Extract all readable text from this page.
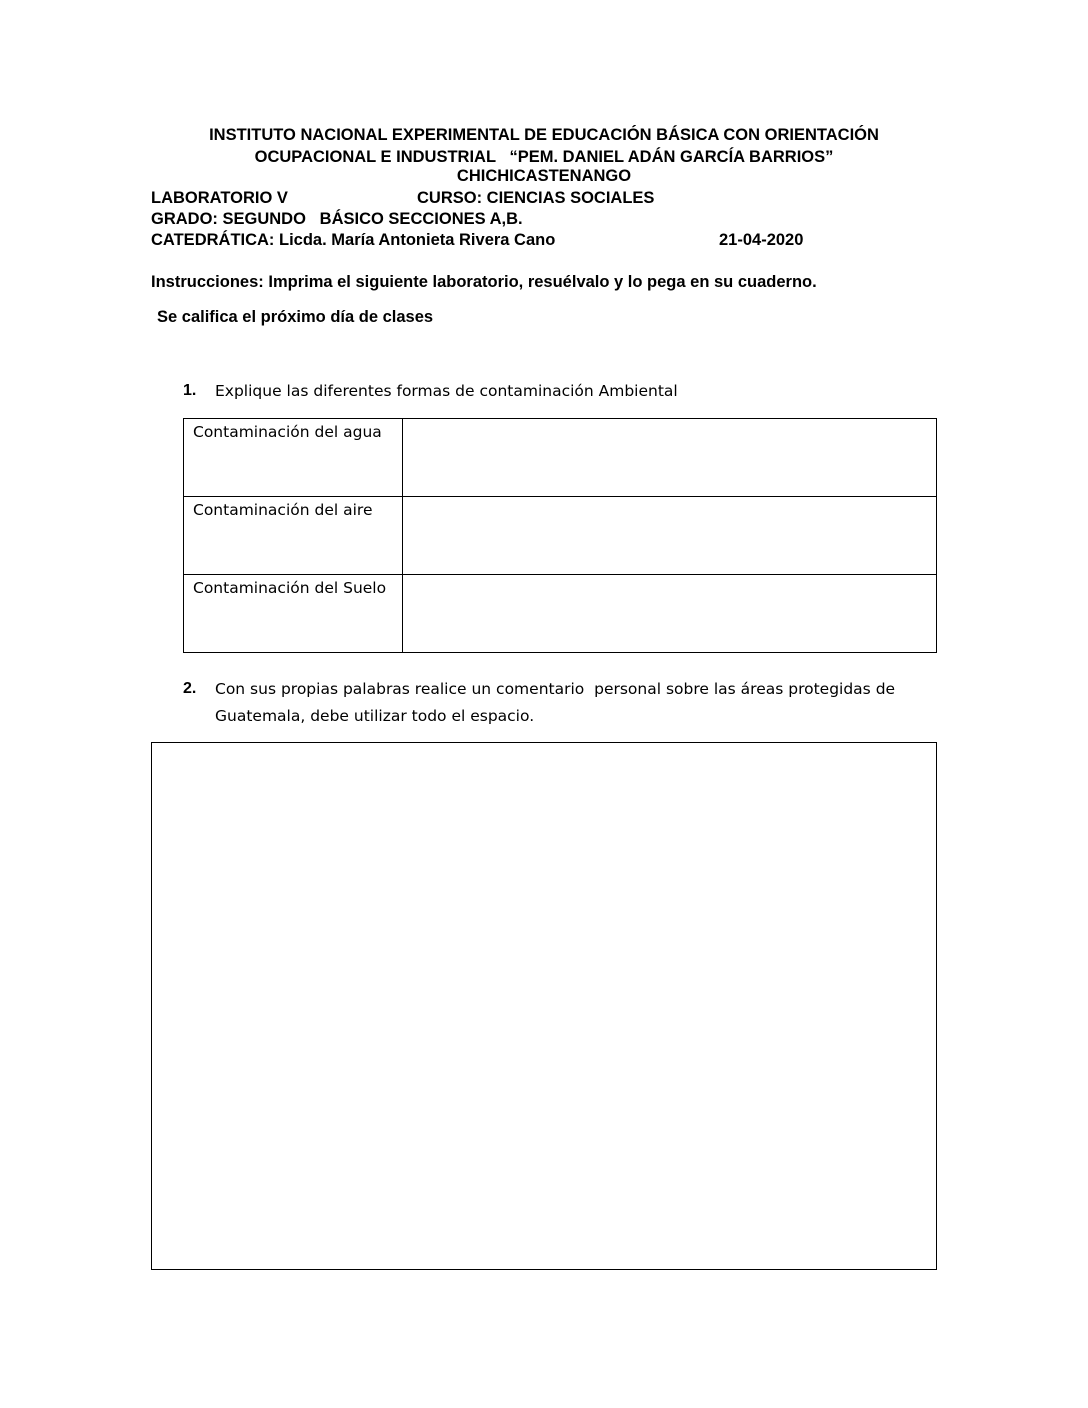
INSTITUTO NACIONAL EXPERIMENTAL DE EDUCACIÓN BÁSICA CON ORIENTACIÓN
OCUPACIONAL E INDUSTRIAL   “PEM. DANIEL ADÁN GARCÍA BARRIOS”
CHICHICASTENANGO
LABORATORIO V	CURSO: CIENCIAS SOCIALES
GRADO: SEGUNDO   BÁSICO SECCIONES A,B.
CATEDRÁTICA: Licda. María Antonieta Rivera Cano	21-04-2020
Instrucciones: Imprima el siguiente laboratorio, resuélvalo y lo pega en su cuaderno.
Se califica el próximo día de clases
1. Explique las diferentes formas de contaminación Ambiental
Contaminación del agua	
Contaminación del aire	
Contaminación del Suelo	
2. Con sus propias palabras realice un comentario  personal sobre las áreas protegidas de
Guatemala, debe utilizar todo el espacio.
